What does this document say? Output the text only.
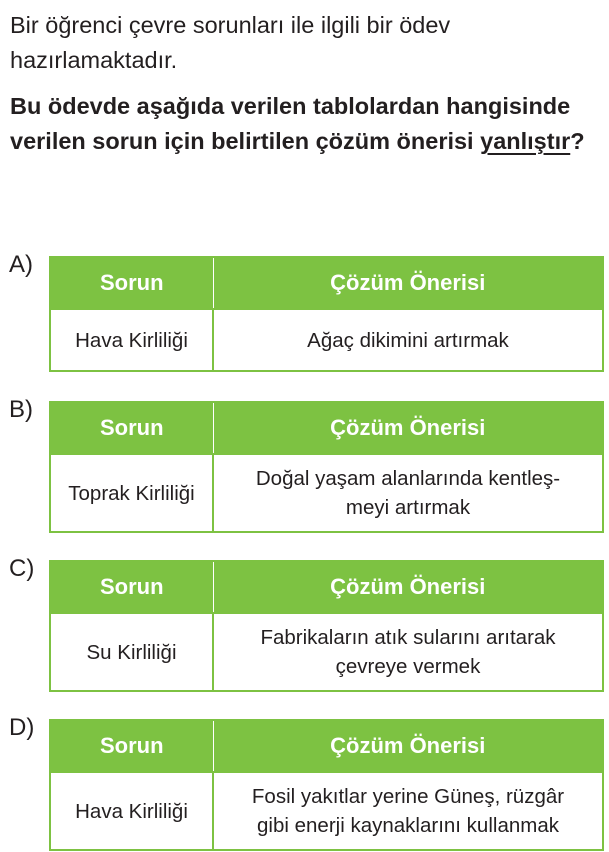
Bir öğrenci çevre sorunları ile ilgili bir ödev hazırlamaktadır.

Bu ödevde aşağıda verilen tablolardan hangisinde verilen sorun için belirtilen çözüm önerisi yanlıştır?

A)
Sorun	Çözüm Önerisi
Hava Kirliliği	Ağaç dikimini artırmak
B)
Sorun	Çözüm Önerisi
Toprak Kirliliği	Doğal yaşam alanlarında kentleş-
meyi artırmak
C)
Sorun	Çözüm Önerisi
Su Kirliliği	Fabrikaların atık sularını arıtarak
çevreye vermek
D)
Sorun	Çözüm Önerisi
Hava Kirliliği	Fosil yakıtlar yerine Güneş, rüzgâr
gibi enerji kaynaklarını kullanmak
